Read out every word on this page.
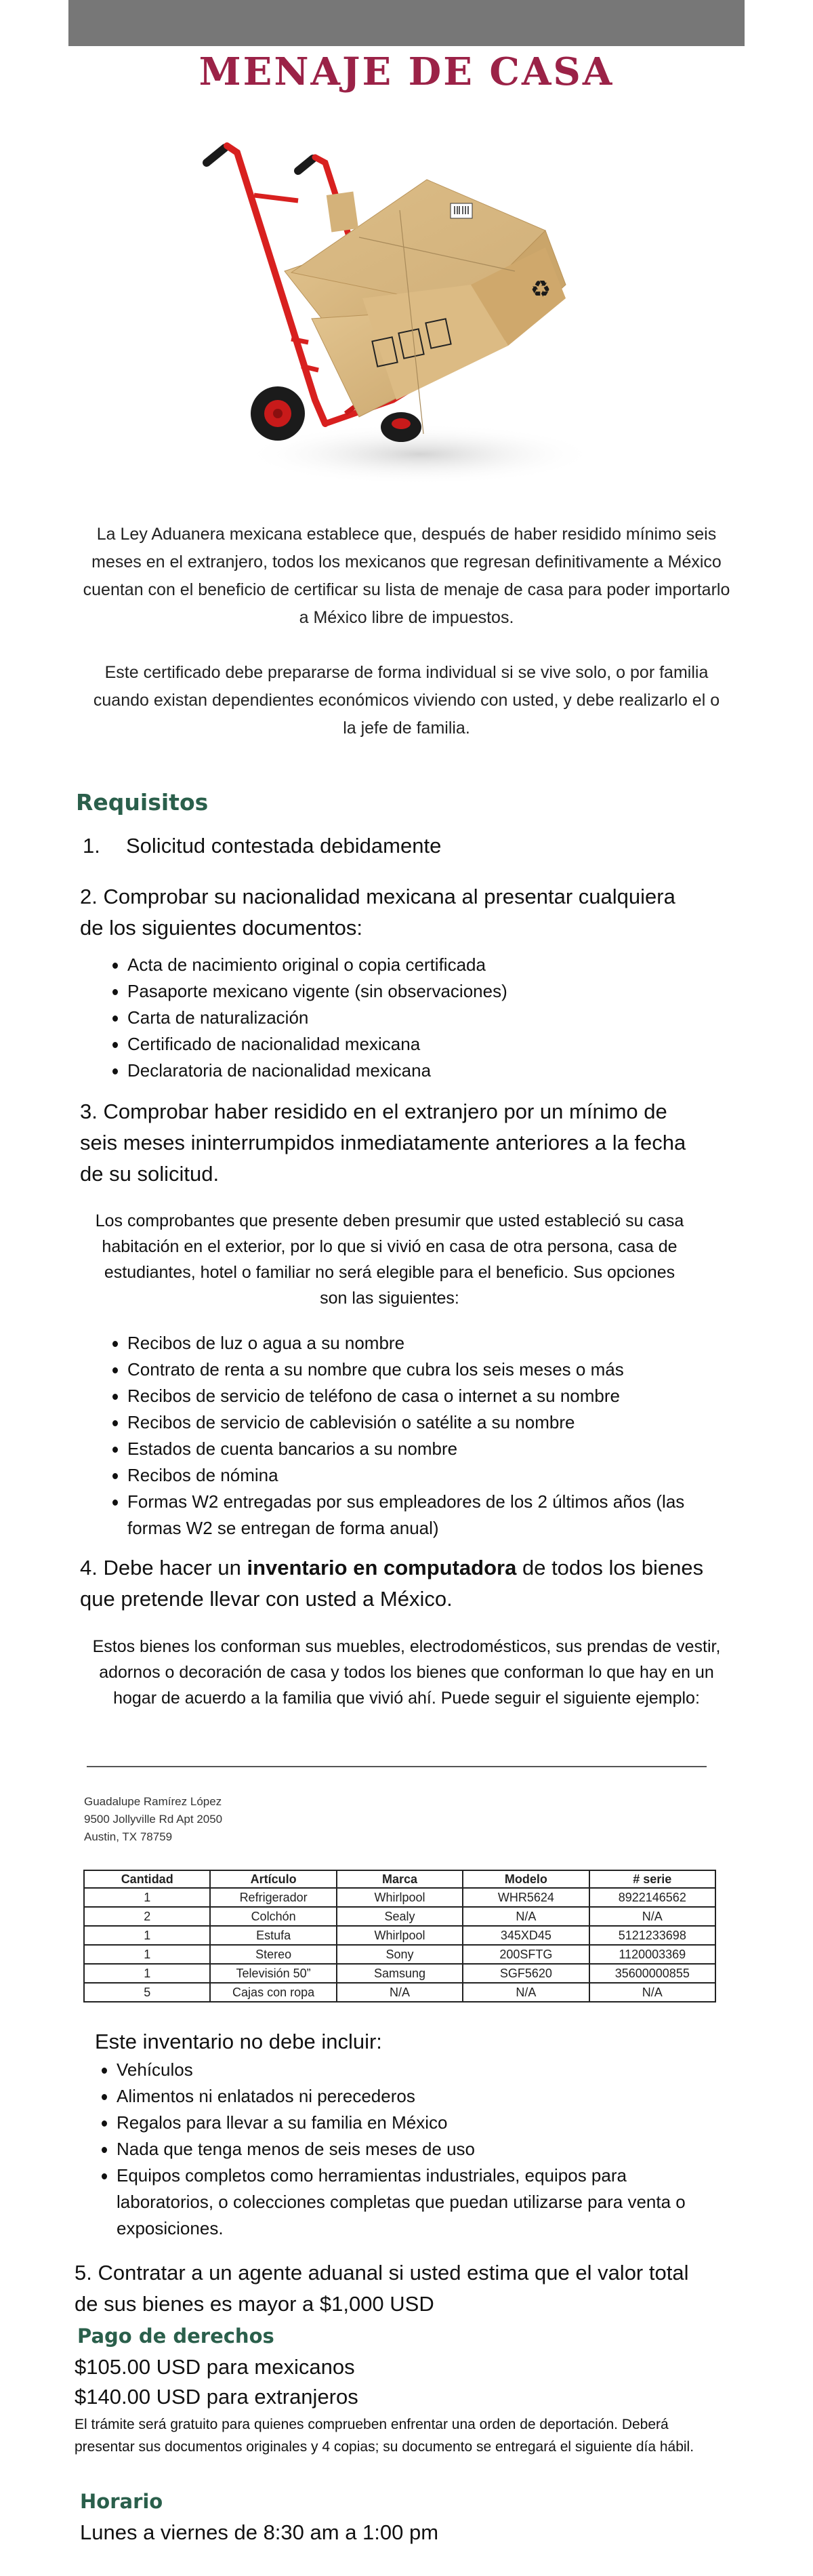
MENAJE DE CASA
♻

La Ley Aduanera mexicana establece que, después de haber residido mínimo seis meses en el extranjero, todos los mexicanos que regresan definitivamente a México cuentan con el beneficio de certificar su lista de menaje de casa para poder importarlo a México libre de impuestos.

Este certificado debe prepararse de forma individual si se vive solo, o por familia cuando existan dependientes económicos viviendo con usted, y debe realizarlo el o la jefe de familia.

Requisitos
1. Solicitud contestada debidamente
2. Comprobar su nacionalidad mexicana al presentar cualquiera de los siguientes documentos:
Acta de nacimiento original o copia certificada
Pasaporte mexicano vigente (sin observaciones)
Carta de naturalización
Certificado de nacionalidad mexicana
Declaratoria de nacionalidad mexicana
3. Comprobar haber residido en el extranjero por un mínimo de seis meses ininterrumpidos inmediatamente anteriores a la fecha de su solicitud.
Los comprobantes que presente deben presumir que usted estableció su casa habitación en el exterior, por lo que si vivió en casa de otra persona, casa de estudiantes, hotel o familiar no será elegible para el beneficio. Sus opciones son las siguientes:
Recibos de luz o agua a su nombre
Contrato de renta a su nombre que cubra los seis meses o más
Recibos de servicio de teléfono de casa o internet a su nombre
Recibos de servicio de cablevisión o satélite a su nombre
Estados de cuenta bancarios a su nombre
Recibos de nómina
Formas W2 entregadas por sus empleadores de los 2 últimos años (las formas W2 se entregan de forma anual)
4. Debe hacer un inventario en computadora de todos los bienes que pretende llevar con usted a México.
Estos bienes los conforman sus muebles, electrodomésticos, sus prendas de vestir, adornos o decoración de casa y todos los bienes que conforman lo que hay en un hogar de acuerdo a la familia que vivió ahí. Puede seguir el siguiente ejemplo:
Guadalupe Ramírez López
9500 Jollyville Rd Apt 2050
Austin, TX 78759
Cantidad	Artículo	Marca	Modelo	# serie
1	Refrigerador	Whirlpool	WHR5624	8922146562
2	Colchón	Sealy	N/A	N/A
1	Estufa	Whirlpool	345XD45	5121233698
1	Stereo	Sony	200SFTG	1120003369
1	Televisión 50”	Samsung	SGF5620	35600000855
5	Cajas con ropa	N/A	N/A	N/A
Este inventario no debe incluir:
Vehículos
Alimentos ni enlatados ni perecederos
Regalos para llevar a su familia en México
Nada que tenga menos de seis meses de uso
Equipos completos como herramientas industriales, equipos para laboratorios, o colecciones completas que puedan utilizarse para venta o exposiciones.
5. Contratar a un agente aduanal si usted estima que el valor total de sus bienes es mayor a $1,000 USD
Pago de derechos
$105.00 USD para mexicanos
$140.00 USD para extranjeros
El trámite será gratuito para quienes comprueben enfrentar una orden de deportación. Deberá presentar sus documentos originales y 4 copias; su documento se entregará el siguiente día hábil.
Horario
Lunes a viernes de 8:30 am a 1:00 pm
